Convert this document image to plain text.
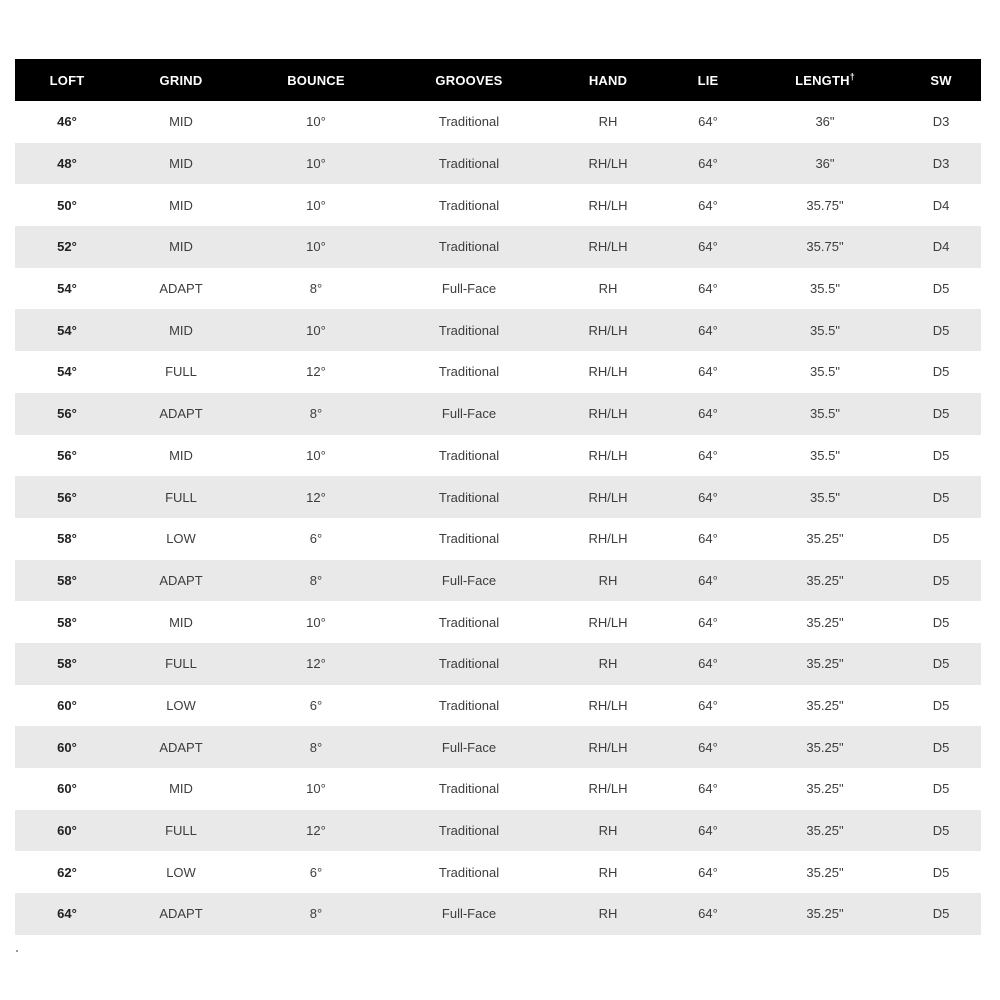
LOFT	GRIND	BOUNCE	GROOVES	HAND	LIE	LENGTH†	SW
46°	MID	10°	Traditional	RH	64°	36"	D3
48°	MID	10°	Traditional	RH/LH	64°	36"	D3
50°	MID	10°	Traditional	RH/LH	64°	35.75"	D4
52°	MID	10°	Traditional	RH/LH	64°	35.75"	D4
54°	ADAPT	8°	Full-Face	RH	64°	35.5"	D5
54°	MID	10°	Traditional	RH/LH	64°	35.5"	D5
54°	FULL	12°	Traditional	RH/LH	64°	35.5"	D5
56°	ADAPT	8°	Full-Face	RH/LH	64°	35.5"	D5
56°	MID	10°	Traditional	RH/LH	64°	35.5"	D5
56°	FULL	12°	Traditional	RH/LH	64°	35.5"	D5
58°	LOW	6°	Traditional	RH/LH	64°	35.25"	D5
58°	ADAPT	8°	Full-Face	RH	64°	35.25"	D5
58°	MID	10°	Traditional	RH/LH	64°	35.25"	D5
58°	FULL	12°	Traditional	RH	64°	35.25"	D5
60°	LOW	6°	Traditional	RH/LH	64°	35.25"	D5
60°	ADAPT	8°	Full-Face	RH/LH	64°	35.25"	D5
60°	MID	10°	Traditional	RH/LH	64°	35.25"	D5
60°	FULL	12°	Traditional	RH	64°	35.25"	D5
62°	LOW	6°	Traditional	RH	64°	35.25"	D5
64°	ADAPT	8°	Full-Face	RH	64°	35.25"	D5
